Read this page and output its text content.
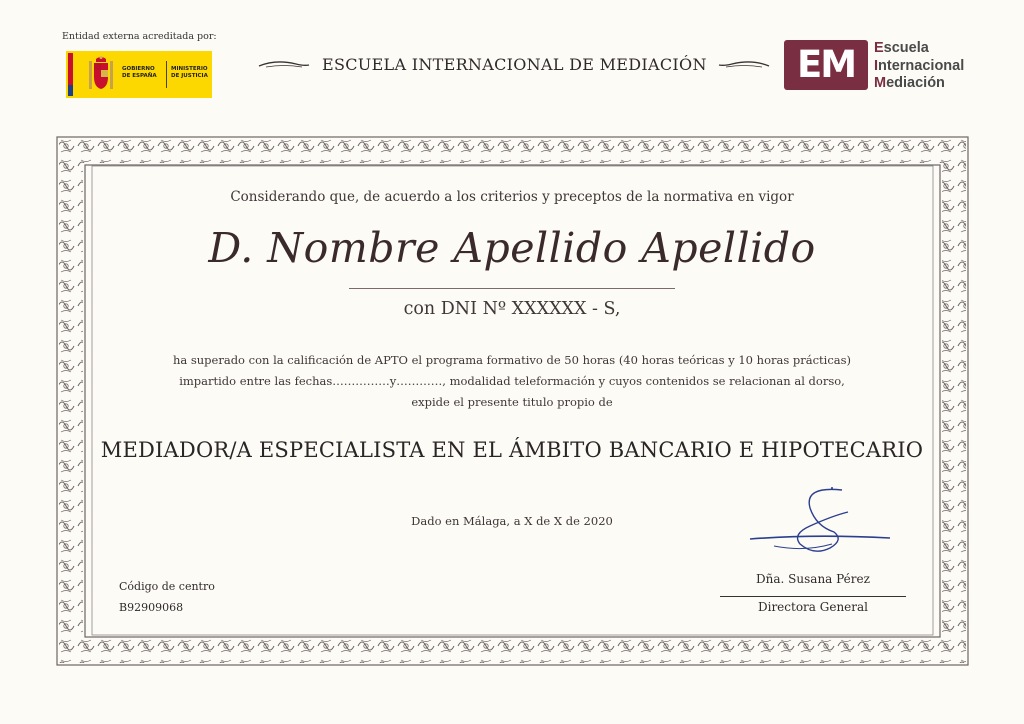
Entidad externa acreditada por:
GOBIERNO DE ESPAÑA
MINISTERIO DE JUSTICIA
ESCUELA INTERNACIONAL DE MEDIACIÓN	EM	Escuela
Internacional
Mediación
Considerando que, de acuerdo a los criterios y preceptos de la normativa en vigor
D. Nombre Apellido Apellido
con DNI Nº XXXXXX - S,
ha superado con la calificación de APTO el programa formativo de 50 horas (40 horas teóricas y 10 horas prácticas)
impartido entre las fechas……………y…………, modalidad teleformación y cuyos contenidos se relacionan al dorso,
expide el presente titulo propio de
MEDIADOR/A ESPECIALISTA EN EL ÁMBITO BANCARIO E HIPOTECARIO
Dado en Málaga, a X de X de 2020
Código de centro
B92909068
Dña. Susana Pérez
Directora General
